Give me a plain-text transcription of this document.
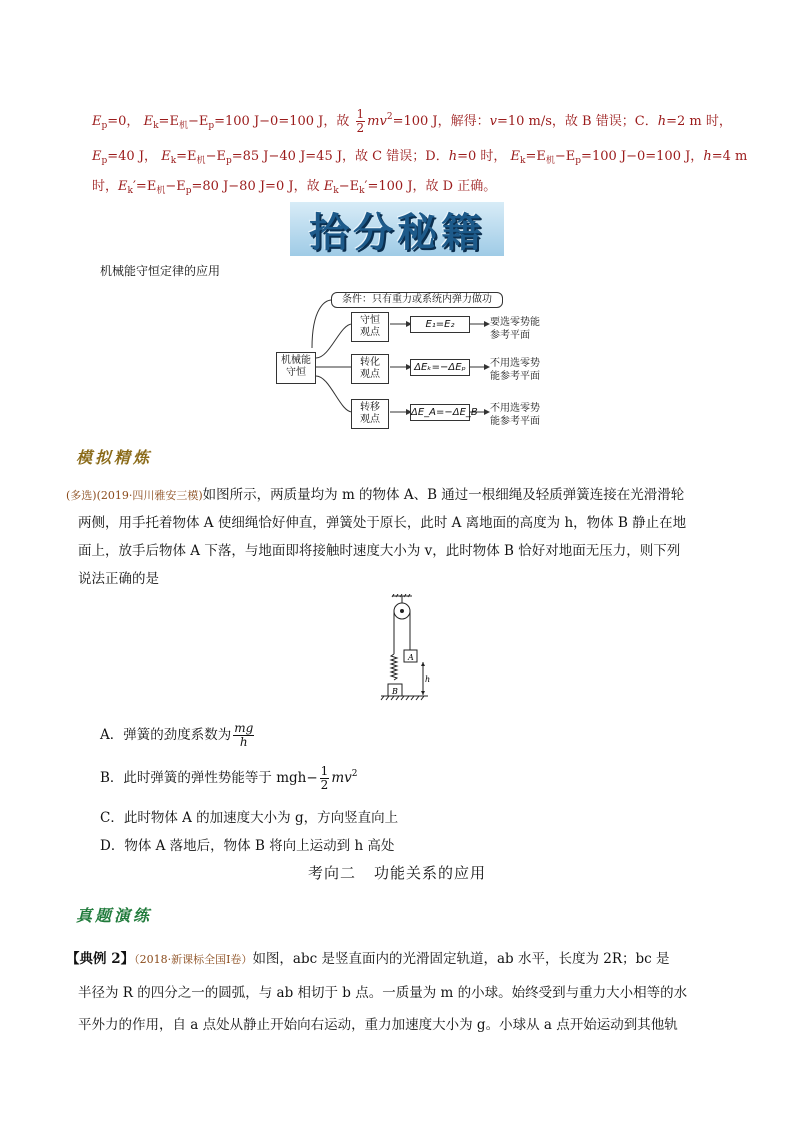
$E_p=0$， $E_k=E_机-E_p=100$ J−0=100 J，故 $\frac{1}{2} mv^2=100$ J，解得：v=10 m/s，故 B 错误；C．h=2 m 时，
$E_p=40$ J， $E_k=E_机-E_p=85$ J−40 J=45 J，故 C 错误；D．h=0 时， $E_k=E_机-E_p=100$ J−0=100 J，h=4 m
时，$E_k'=E_机-E_p=80$ J−80 J=0 J，故 $E_k-E_k'=100$ J，故 D 正确。
拾分秘籍
机械能守恒定律的应用
机械能
守恒
条件：只有重力或系统内弹力做功
守恒
观点
转化
观点
转移
观点
E₁=E₂
ΔEₖ=−ΔEₚ
ΔE_A=−ΔE_B
要选零势能
参考平面
不用选零势
能参考平面
不用选零势
能参考平面
模拟精炼
(多选)(2019·四川雅安三模)如图所示，两质量均为 m 的物体 A、B 通过一根细绳及轻质弹簧连接在光滑滑轮
两侧，用手托着物体 A 使细绳恰好伸直，弹簧处于原长，此时 A 离地面的高度为 h，物体 B 静止在地
面上，放手后物体 A 下落，与地面即将接触时速度大小为 v，此时物体 B 恰好对地面无压力，则下列
说法正确的是
A
B
h
A．弹簧的劲度系数为 $\frac{mg}{h}$
B．此时弹簧的弹性势能等于 $mgh- \frac{1}{2} mv^2$
C．此时物体 A 的加速度大小为 g，方向竖直向上
D．物体 A 落地后，物体 B 将向上运动到 h 高处
考向二 功能关系的应用
真题演练
【典例 2】（2018·新课标全国Ⅰ卷）如图，abc 是竖直面内的光滑固定轨道，ab 水平，长度为 2R；bc 是
半径为 R 的四分之一的圆弧，与 ab 相切于 b 点。一质量为 m 的小球。始终受到与重力大小相等的水
平外力的作用，自 a 点处从静止开始向右运动，重力加速度大小为 g。小球从 a 点开始运动到其他轨
